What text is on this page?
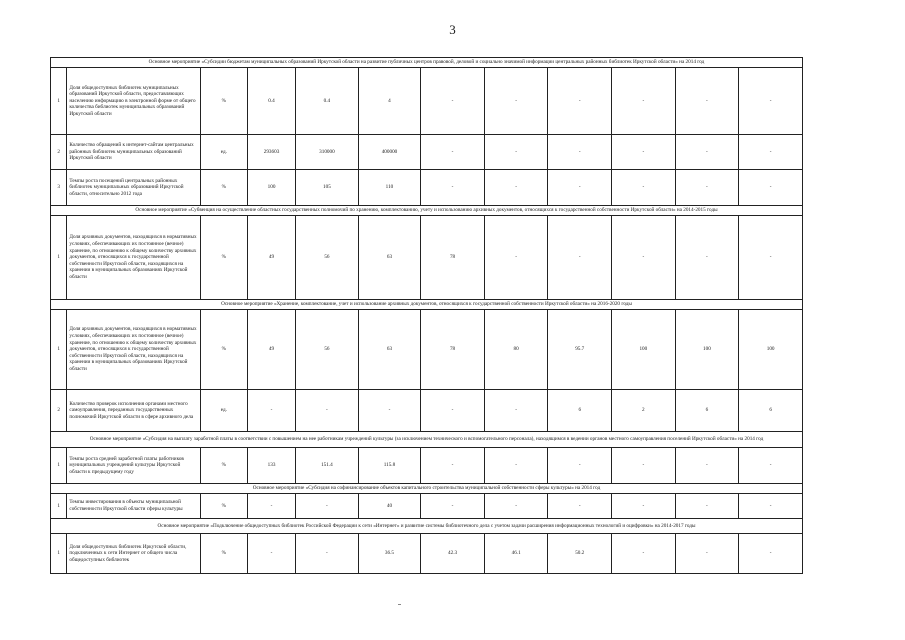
3
Основное мероприятие «Субсидии бюджетам муниципальных образований Иркутской области на развитие публичных центров правовой, деловой и социально значимой информации центральных районных библиотек Иркутской области» на 2014 год											
1	Доля общедоступных библиотек муниципальных образований Иркутской области, предоставляющих населению информацию в электронной форме от общего количества библиотек муниципальных образований Иркутской области	%	0.4	0.4	4	-	-	-	-	-	-
2	Количество обращений к интернет-сайтам центральных районных библиотек муниципальных образований Иркутской области	ед.	293603	310000	400000	-	-	-	-	-	-
3	Темпы роста посещений центральных районных библиотек муниципальных образований Иркутской области, относительно 2012 года	%	100	105	110	-	-	-	-	-	-
Основное мероприятие «Субвенция на осуществление областных государственных полномочий по хранению, комплектованию, учету и использованию архивных документов, относящихся к государственной собственности Иркутской области» на 2014-2015 годы											
1	Доля архивных документов, находящихся в нормативных условиях, обеспечивающих их постоянное (вечное) хранение, по отношению к общему количеству архивных документов, относящихся к государственной собственности Иркутской области, находящихся на хранении в муниципальных образованиях Иркутской области	%	49	56	63	78	-	-	-	-	-
Основное мероприятие «Хранение, комплектование, учет и использование архивных документов, относящихся к государственной собственности Иркутской области» на 2016-2020 годы											
1	Доля архивных документов, находящихся в нормативных условиях, обеспечивающих их постоянное (вечное) хранение, по отношению к общему количеству архивных документов, относящихся к государственной собственности Иркутской области, находящихся на хранении в муниципальных образованиях Иркутской области	%	49	56	63	78	80	95.7	100	100	100
2	Количество проверок исполнения органами местного самоуправления, переданных государственных полномочий Иркутской области в сфере архивного дела	ед.	-	-	-	-	-	6	2	6	6
Основное мероприятие «Субсидия на выплату заработной платы в соответствии с повышением на нее работникам учреждений культуры (за исключением технического и вспомогательного персонала), находящимся в ведении органов местного самоуправления поселений Иркутской области» на 2014 год											
1	Темпы роста средней заработной платы работников муниципальных учреждений культуры Иркутской области к предыдущему году	%	133	151.4	115.8	-	-	-	-	-	-
Основное мероприятие «Субсидия на софинансирование объектов капитального строительства муниципальной собственности сферы культуры» на 2014 год											
1	Темпы инвестирования в объекты муниципальной собственности Иркутской области сферы культуры	%	-	-	40	-	-	-	-	-	-
Основное мероприятие «Подключение общедоступных библиотек Российской Федерации к сети «Интернет» и развитие системы библиотечного дела с учетом задачи расширения информационных технологий и оцифровки» на 2014-2017 годы											
1	Доля общедоступных библиотек Иркутской области, подключенных к сети Интернет от общего числа общедоступных библиотек	%	-	-	36.5	42.3	46.1	50.2	-	-	-
